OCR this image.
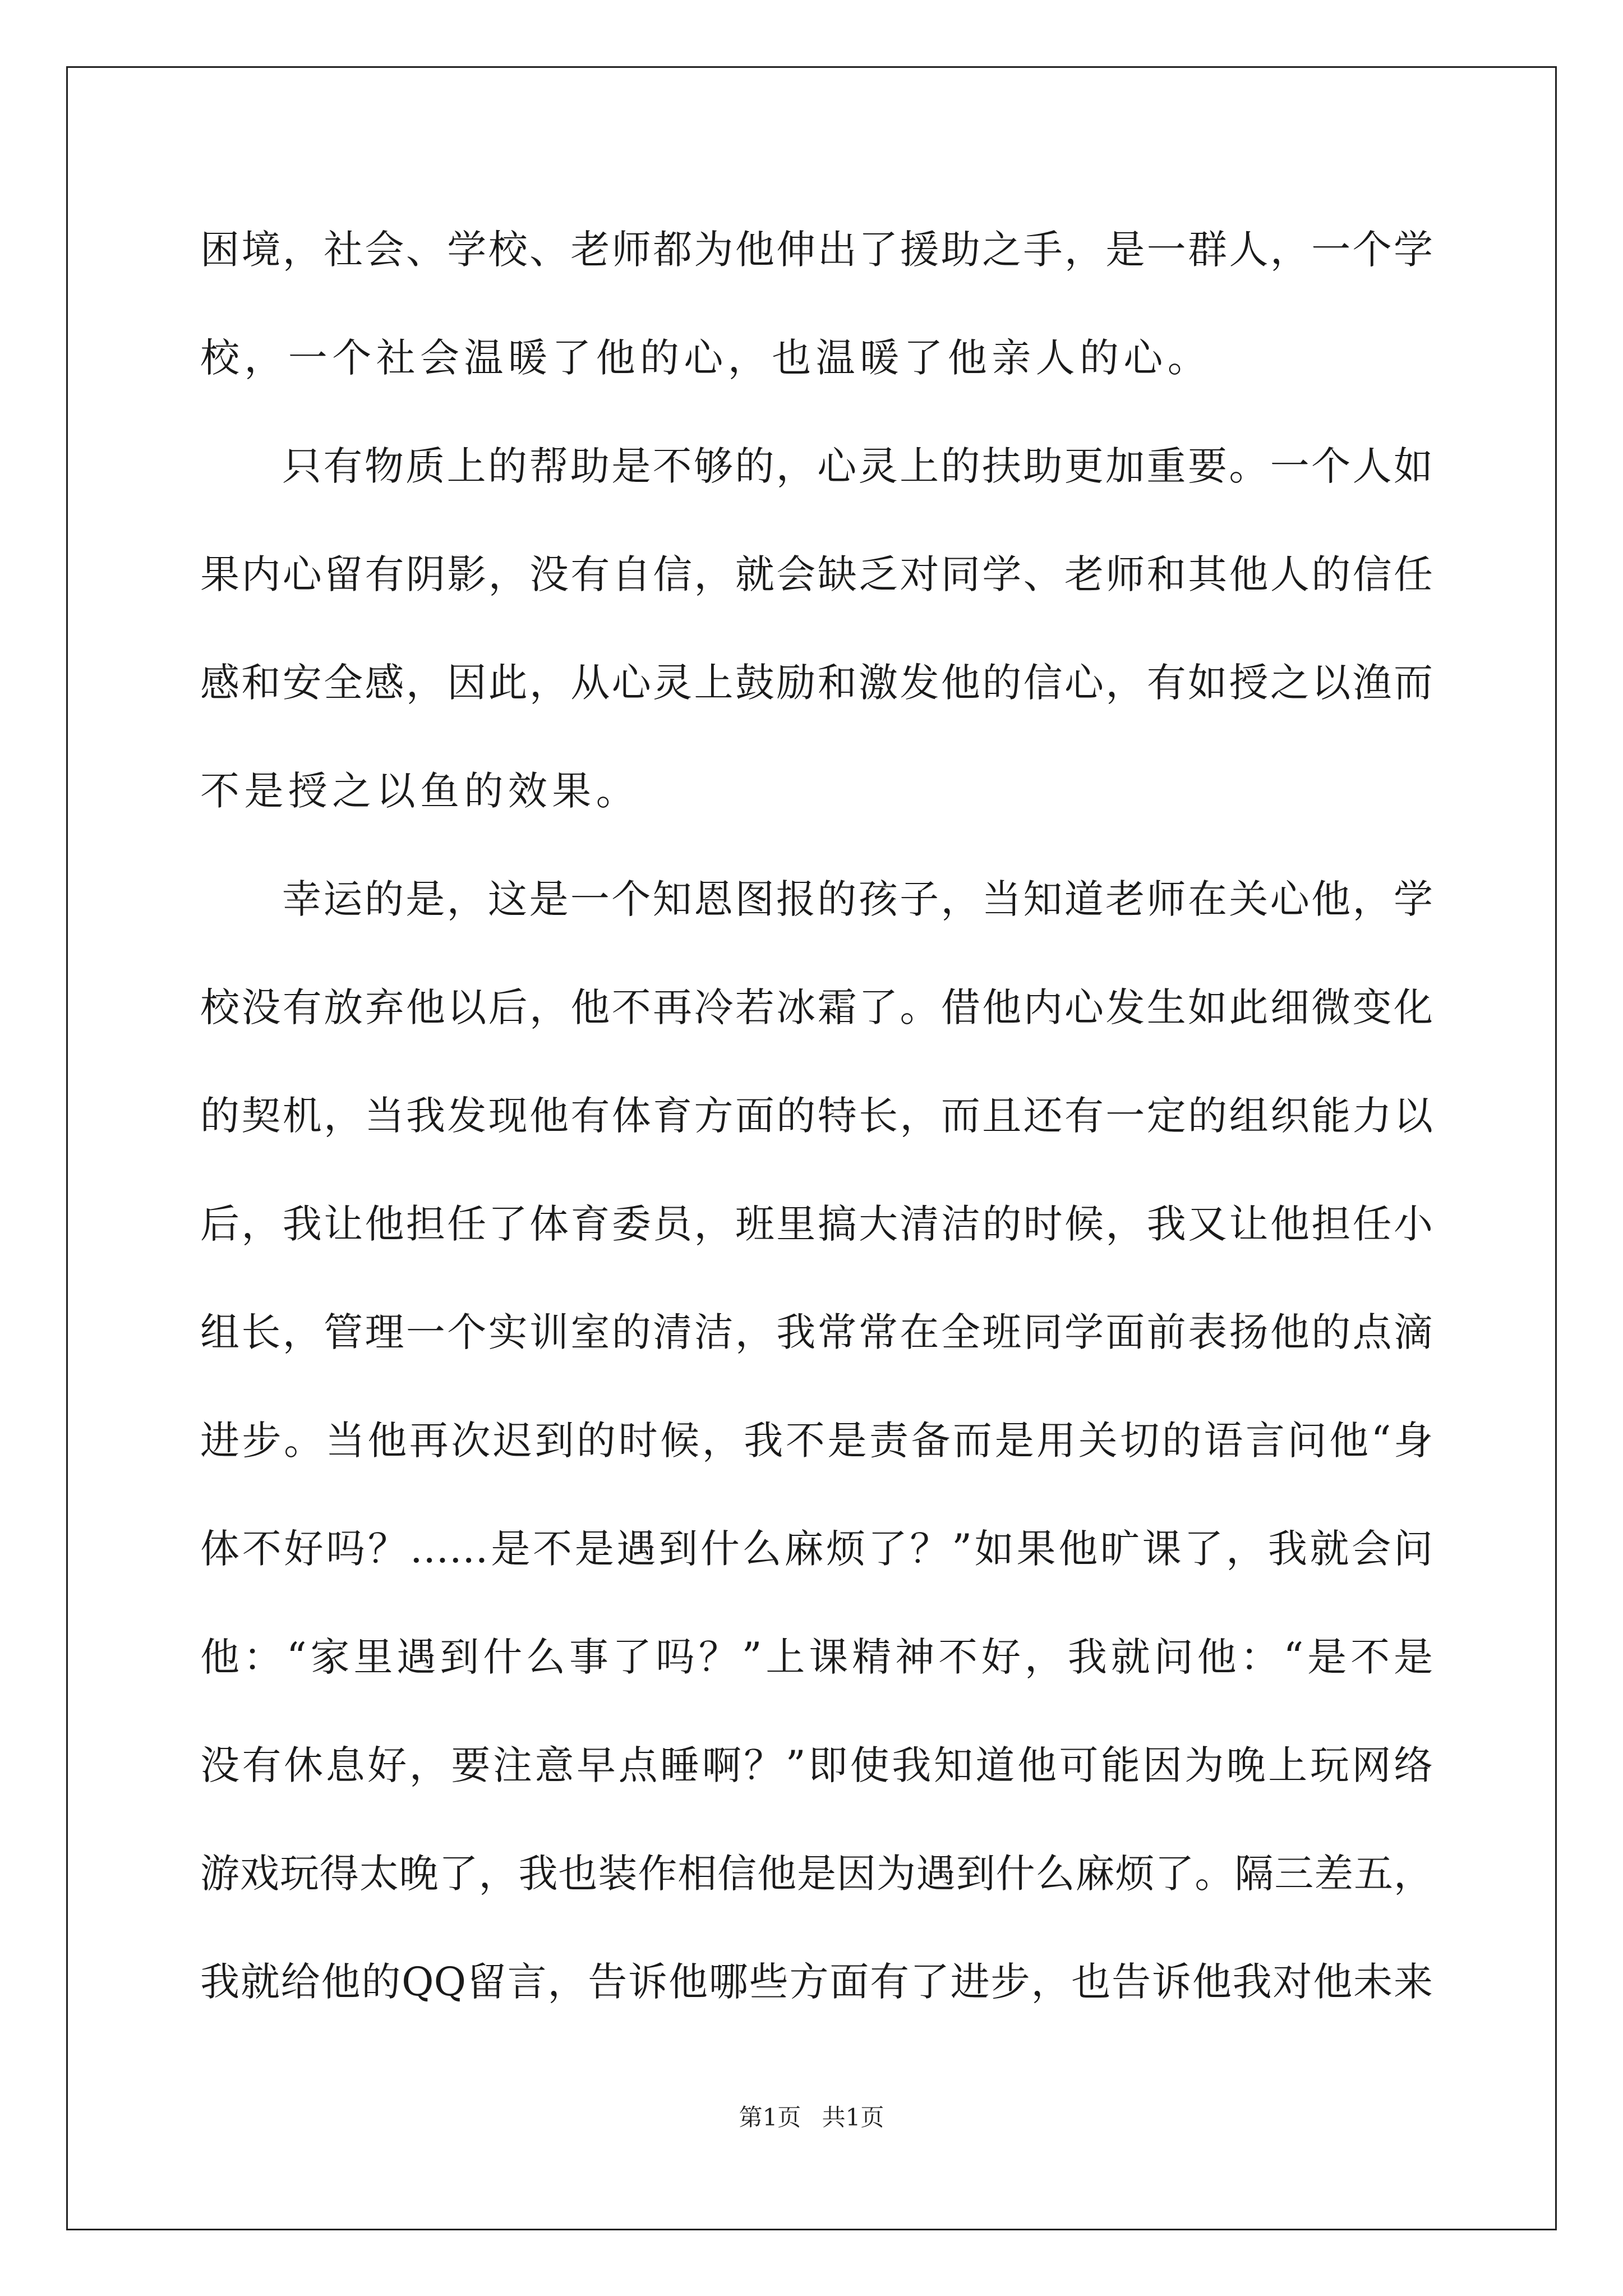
困境，社会、学校、老师都为他伸出了援助之手，是一群人，一个学
校，一个社会温暖了他的心，也温暖了他亲人的心。
只有物质上的帮助是不够的，心灵上的扶助更加重要。一个人如
果内心留有阴影，没有自信，就会缺乏对同学、老师和其他人的信任
感和安全感，因此，从心灵上鼓励和激发他的信心，有如授之以渔而
不是授之以鱼的效果。
幸运的是，这是一个知恩图报的孩子，当知道老师在关心他，学
校没有放弃他以后，他不再冷若冰霜了。借他内心发生如此细微变化
的契机，当我发现他有体育方面的特长，而且还有一定的组织能力以
后，我让他担任了体育委员，班里搞大清洁的时候，我又让他担任小
组长，管理一个实训室的清洁，我常常在全班同学面前表扬他的点滴
进步。当他再次迟到的时候，我不是责备而是用关切的语言问他“身
体不好吗？……是不是遇到什么麻烦了？”如果他旷课了，我就会问
他：“家里遇到什么事了吗？”上课精神不好，我就问他：“是不是
没有休息好，要注意早点睡啊？”即使我知道他可能因为晚上玩网络
游戏玩得太晚了，我也装作相信他是因为遇到什么麻烦了。隔三差五，
我就给他的QQ留言，告诉他哪些方面有了进步，也告诉他我对他未来
第1页 共1页
